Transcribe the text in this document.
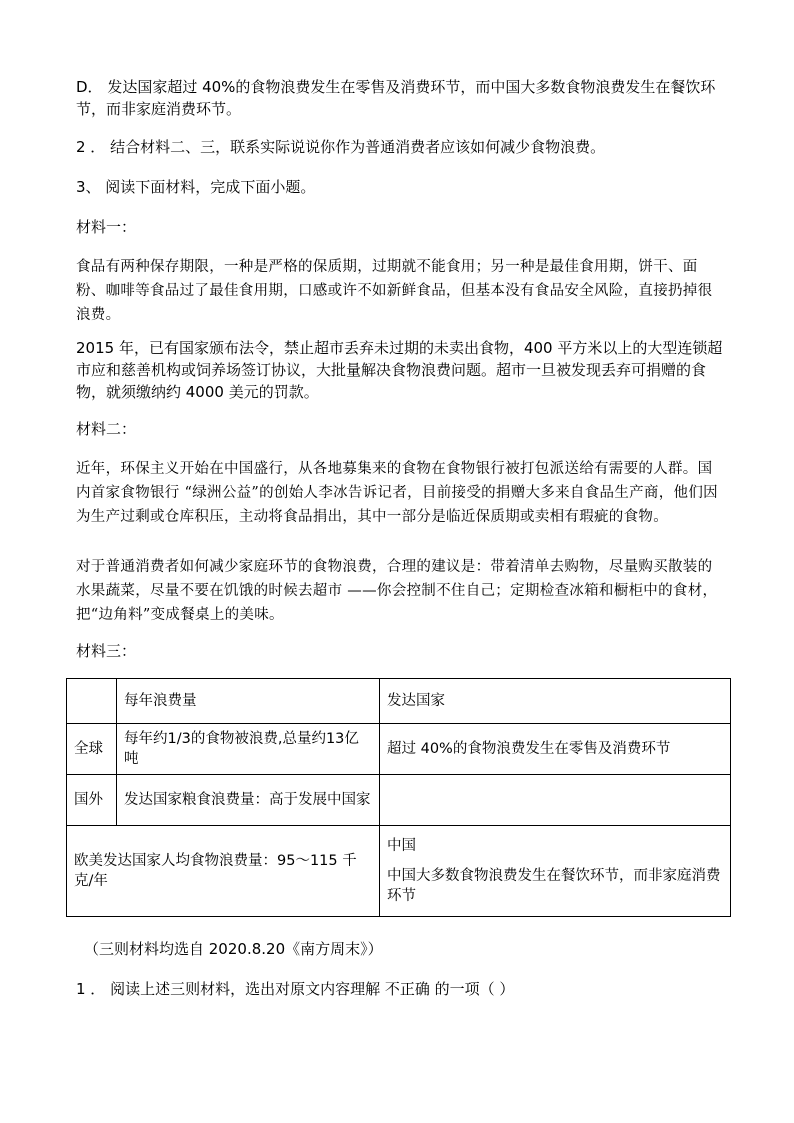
D． 发达国家超过 40%的食物浪费发生在零售及消费环节，而中国大多数食物浪费发生在餐饮环节，而非家庭消费环节。

2 ． 结合材料二、三，联系实际说说你作为普通消费者应该如何减少食物浪费。

3、 阅读下面材料，完成下面小题。

材料一：

食品有两种保存期限，一种是严格的保质期，过期就不能食用；另一种是最佳食用期，饼干、面粉、咖啡等食品过了最佳食用期，口感或许不如新鲜食品，但基本没有食品安全风险，直接扔掉很浪费。

2015 年，已有国家颁布法令，禁止超市丢弃未过期的未卖出食物，400 平方米以上的大型连锁超市应和慈善机构或饲养场签订协议，大批量解决食物浪费问题。超市一旦被发现丢弃可捐赠的食物，就须缴纳约 4000 美元的罚款。

材料二：

近年，环保主义开始在中国盛行，从各地募集来的食物在食物银行被打包派送给有需要的人群。国内首家食物银行 “绿洲公益”的创始人李冰告诉记者，目前接受的捐赠大多来自食品生产商，他们因为生产过剩或仓库积压，主动将食品捐出，其中一部分是临近保质期或卖相有瑕疵的食物。

对于普通消费者如何减少家庭环节的食物浪费，合理的建议是：带着清单去购物，尽量购买散装的水果蔬菜，尽量不要在饥饿的时候去超市 ——你会控制不住自己；定期检查冰箱和橱柜中的食材，把“边角料”变成餐桌上的美味。

材料三：

	每年浪费量	发达国家
全球	每年约1/3的食物被浪费,总量约13亿吨	超过 40%的食物浪费发生在零售及消费环节
国外	发达国家粮食浪费量：高于发展中国家	
欧美发达国家人均食物浪费量：95～115 千克/年		中国
中国大多数食物浪费发生在餐饮环节，而非家庭消费环节

（三则材料均选自 2020.8.20《南方周末》）

1 ． 阅读上述三则材料，选出对原文内容理解 不正确 的一项（ ）
